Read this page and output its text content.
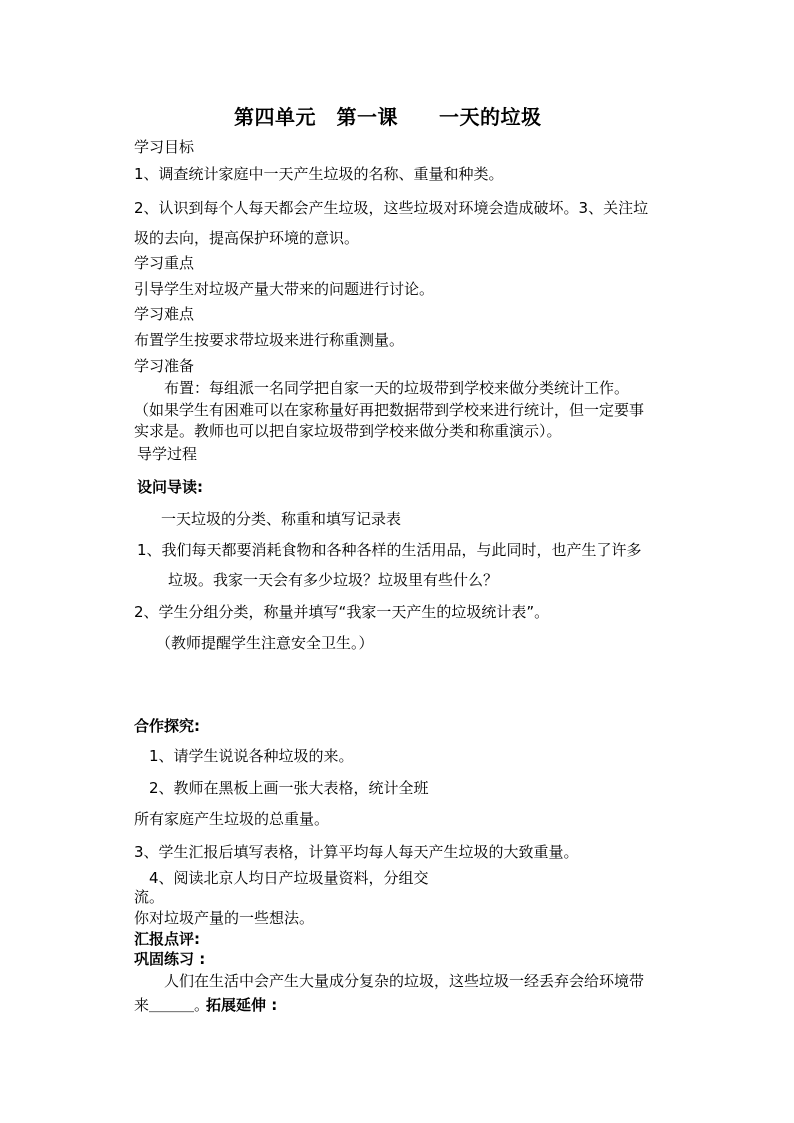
第四单元　第一课　　一天的垃圾
学习目标
1、调查统计家庭中一天产生垃圾的名称、重量和种类。
2、认识到每个人每天都会产生垃圾，这些垃圾对环境会造成破坏。3、关注垃
圾的去向，提高保护环境的意识。
学习重点
引导学生对垃圾产量大带来的问题进行讨论。
学习难点
布置学生按要求带垃圾来进行称重测量。
学习准备
布置：每组派一名同学把自家一天的垃圾带到学校来做分类统计工作。
（如果学生有困难可以在家称量好再把数据带到学校来进行统计，但一定要事
实求是。教师也可以把自家垃圾带到学校来做分类和称重演示）。
导学过程
设问导读:
一天垃圾的分类、称重和填写记录表
1、我们每天都要消耗食物和各种各样的生活用品，与此同时，也产生了许多
垃圾。我家一天会有多少垃圾？垃圾里有些什么？
2、学生分组分类，称量并填写“我家一天产生的垃圾统计表”。
（教师提醒学生注意安全卫生。）
合作探究:
1、请学生说说各种垃圾的来。
2、教师在黑板上画一张大表格，统计全班
所有家庭产生垃圾的总重量。
3、学生汇报后填写表格，计算平均每人每天产生垃圾的大致重量。
4、阅读北京人均日产垃圾量资料，分组交
流。
你对垃圾产量的一些想法。
汇报点评:
巩固练习 :
人们在生活中会产生大量成分复杂的垃圾，这些垃圾一经丢弃会给环境带
来＿＿＿。
拓展延伸 :
